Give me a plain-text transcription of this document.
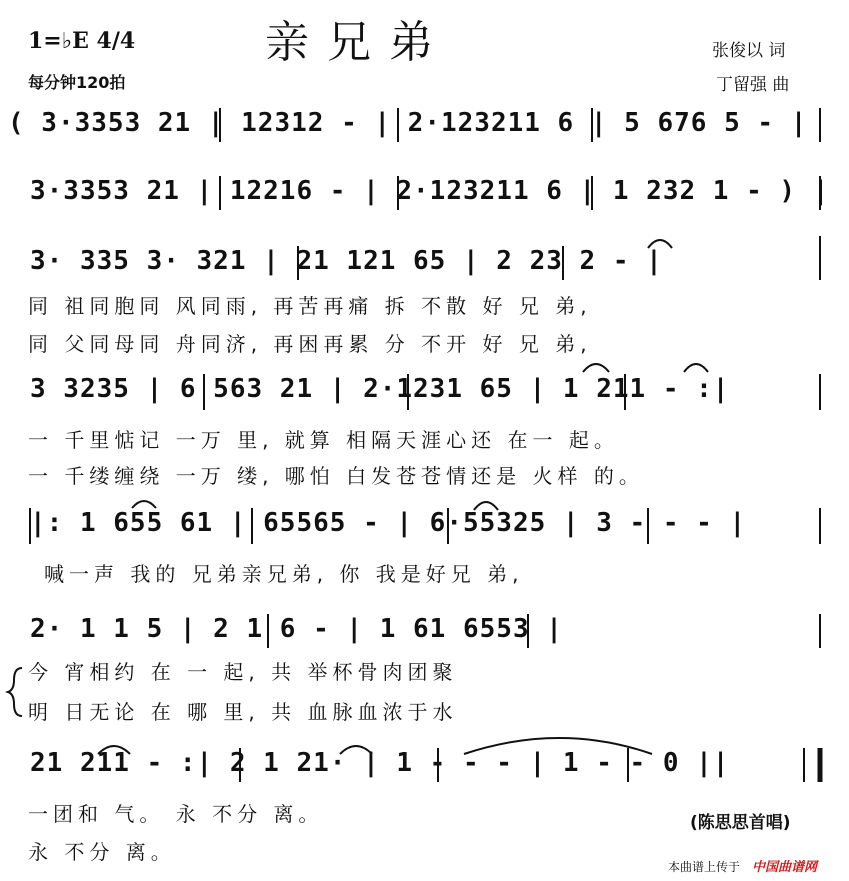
1=♭E 4/4	亲兄弟
每分钟120拍
张俊以 词
丁留强 曲
( 3·3353 21 | 12312 - | 2·123211 6 | 5 676 5 - |
3·3353 21 | 12216 - | 2·123211 6 | 1 232 1 - ) |
3· 335 3· 321 | 21 121 65 | 2 23 2 - |
同 祖同胞同 风同雨, 再苦再痛 拆 不散 好 兄 弟,
同 父同母同 舟同济, 再困再累 分 不开 好 兄 弟,
3 3235 | 6 563 21 | 2·1231 65 | 1 211 - :|
一 千里惦记 一万 里, 就算 相隔天涯心还 在一 起。
一 千缕缠绕 一万 缕, 哪怕 白发苍苍情还是 火样 的。
|: 1 655 61 | 65565 - | 6·55325 | 3 - - - |
喊一声 我的 兄弟亲兄弟, 你 我是好兄 弟,
2· 1 1 5 | 2 1 6 - | 1 61 6553 |
今 宵相约 在 一 起, 共 举杯骨肉团聚
明 日无论 在 哪 里, 共 血脉血浓于水
21 211 - :| 2 1 21· | 1 - - - | 1 - - 0 ||
一团和 气。 永 不分 离。
永 不分 离。
(陈思思首唱)
本曲谱上传于 中国曲谱网
